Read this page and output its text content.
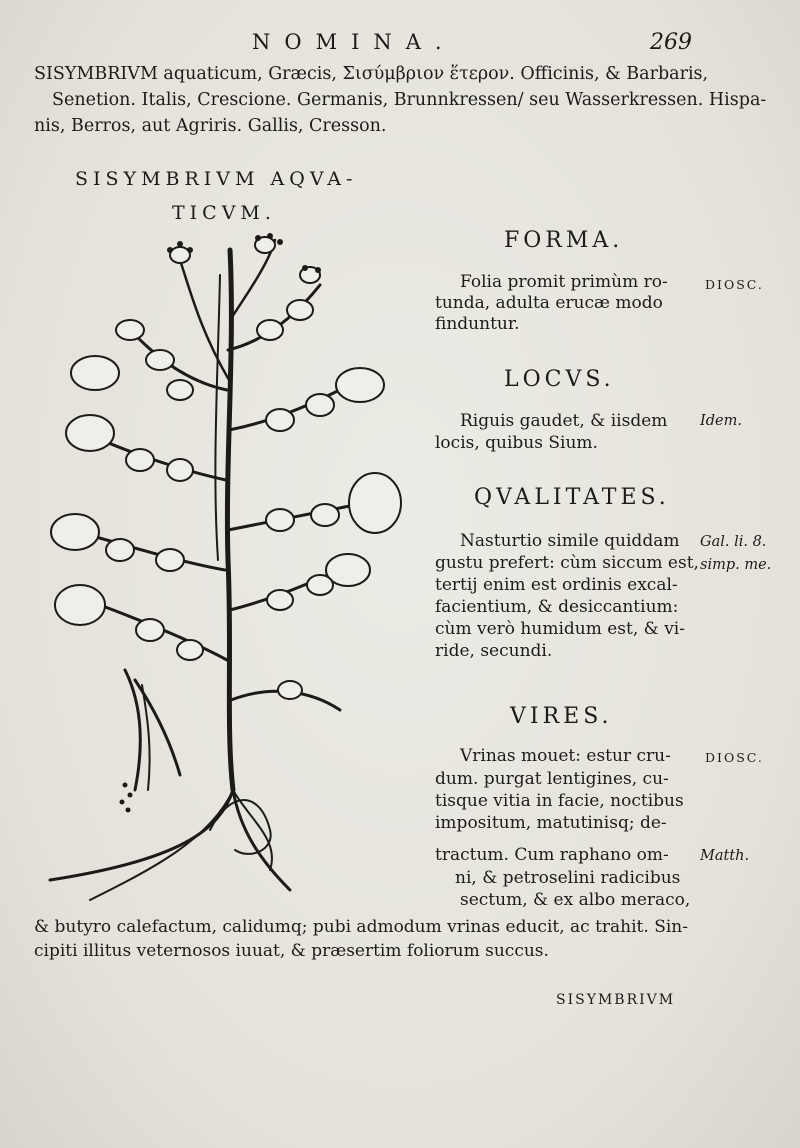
NOMINA.	269
SISYMBRIVM aquaticum, Græcis, Σισύμβριον ἕτερον. Officinis, & Barbaris,
Senetion. Italis, Crescione. Germanis, Brunnkressen/ seu Wasserkressen. Hispa-
nis, Berros, aut Agriris. Gallis, Cresson.
SISYMBRIVM AQVA-
TICVM.
FORMA.
Folia promit primùm ro-
tunda, adulta erucæ modo
finduntur.
DIOSC.
LOCVS.
Riguis gaudet, & iisdem
locis, quibus Sium.
Idem.
QVALITATES.
Nasturtio simile quiddam
gustu prefert: cùm siccum est,
tertij enim est ordinis excal-
facientium, & desiccantium:
cùm verò humidum est, & vi-
ride, secundi.
Gal. li. 8.
simp. me.
VIRES.
Vrinas mouet: estur cru-
dum. purgat lentigines, cu-
tisque vitia in facie, noctibus
impositum, matutinisq; de-
tractum. Cum raphano om-
ni, & petroselini radicibus
sectum, & ex albo meraco,
DIOSC.
Matth.
& butyro calefactum, calidumq; pubi admodum vrinas educit, ac trahit. Sin-
cipiti illitus veternosos iuuat, & præsertim foliorum succus.
SISYMBRIVM
